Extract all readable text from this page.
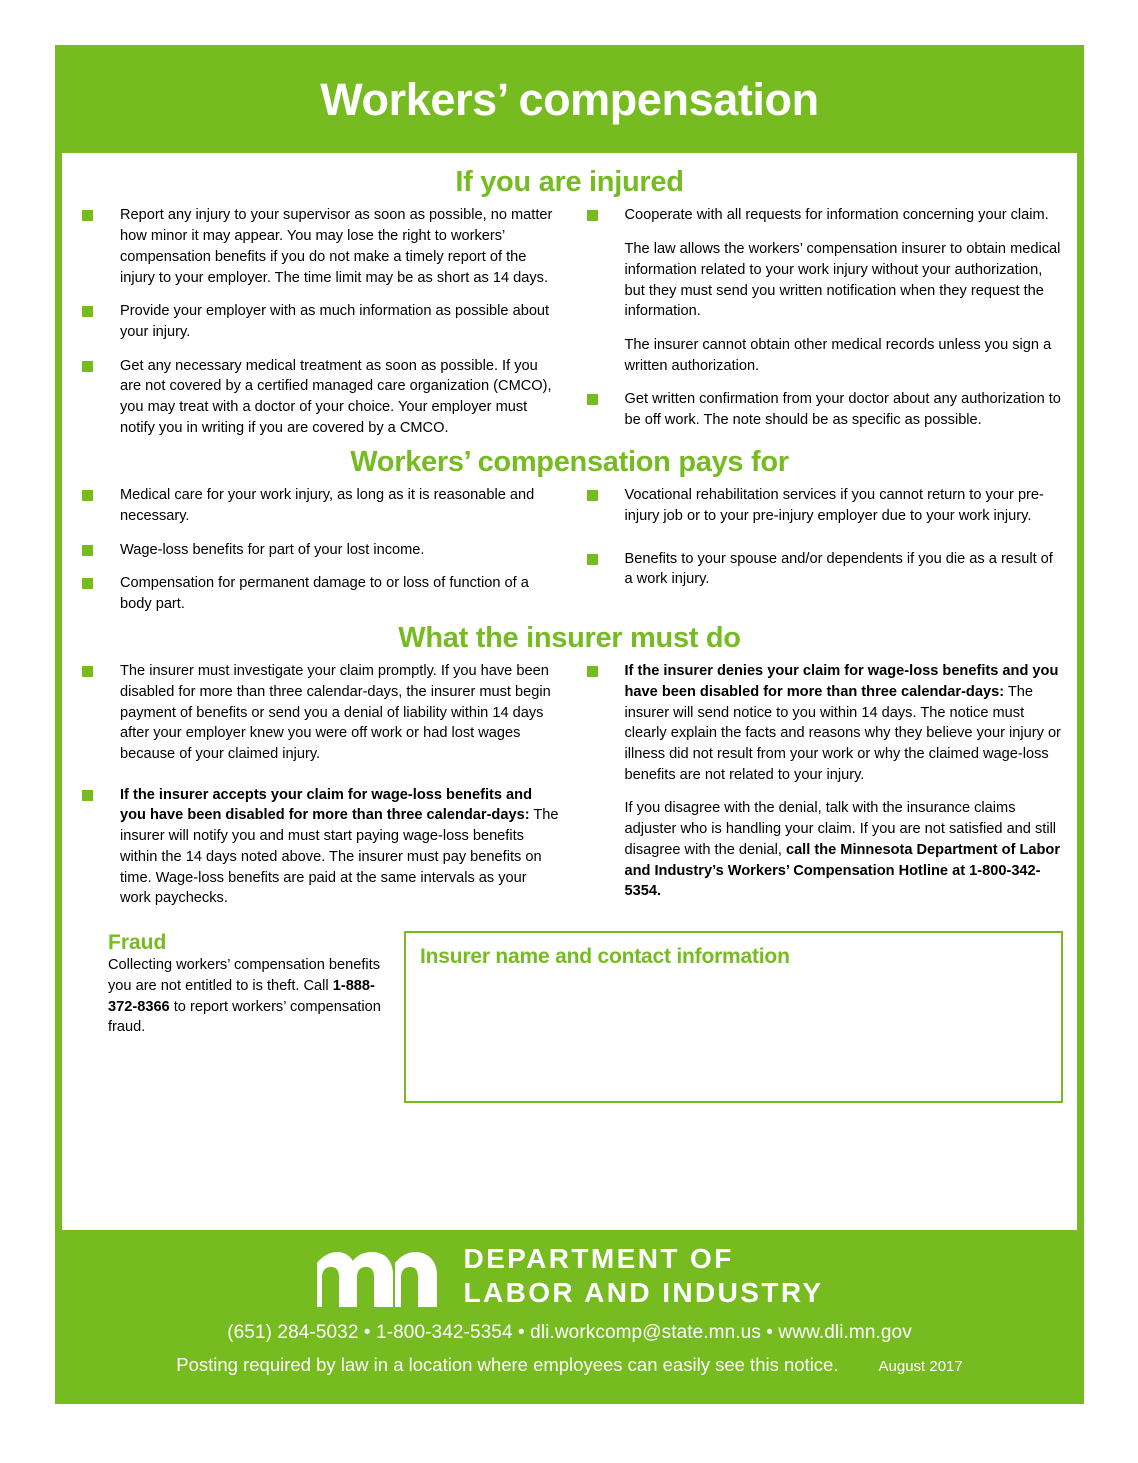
Workers’ compensation
If you are injured
Report any injury to your supervisor as soon as possible, no matter how minor it may appear. You may lose the right to workers’ compensation benefits if you do not make a timely report of the injury to your employer. The time limit may be as short as 14 days.
Provide your employer with as much information as possible about your injury.
Get any necessary medical treatment as soon as possible. If you are not covered by a certified managed care organization (CMCO), you may treat with a doctor of your choice. Your employer must notify you in writing if you are covered by a CMCO.
Cooperate with all requests for information concerning your claim.
The law allows the workers’ compensation insurer to obtain medical information related to your work injury without your authorization, but they must send you written notification when they request the information.
The insurer cannot obtain other medical records unless you sign a written authorization.
Get written confirmation from your doctor about any authorization to be off work. The note should be as specific as possible.
Workers’ compensation pays for
Medical care for your work injury, as long as it is reasonable and necessary.
Wage-loss benefits for part of your lost income.
Compensation for permanent damage to or loss of function of a body part.
Vocational rehabilitation services if you cannot return to your pre-injury job or to your pre-injury employer due to your work injury.
Benefits to your spouse and/or dependents if you die as a result of a work injury.
What the insurer must do
The insurer must investigate your claim promptly. If you have been disabled for more than three calendar-days, the insurer must begin payment of benefits or send you a denial of liability within 14 days after your employer knew you were off work or had lost wages because of your claimed injury.
If the insurer accepts your claim for wage-loss benefits and you have been disabled for more than three calendar-days: The insurer will notify you and must start paying wage-loss benefits within the 14 days noted above. The insurer must pay benefits on time. Wage-loss benefits are paid at the same intervals as your work paychecks.
If the insurer denies your claim for wage-loss benefits and you have been disabled for more than three calendar-days: The insurer will send notice to you within 14 days. The notice must clearly explain the facts and reasons why they believe your injury or illness did not result from your work or why the claimed wage-loss benefits are not related to your injury.
If you disagree with the denial, talk with the insurance claims adjuster who is handling your claim. If you are not satisfied and still disagree with the denial, call the Minnesota Department of Labor and Industry’s Workers’ Compensation Hotline at 1-800-342-5354.
Fraud
Collecting workers’ compensation benefits you are not entitled to is theft. Call 1-888-372-8366 to report workers’ compensation fraud.
Insurer name and contact information
DEPARTMENT OF
LABOR AND INDUSTRY
(651) 284-5032 • 1-800-342-5354 • dli.workcomp@state.mn.us • www.dli.mn.gov
Posting required by law in a location where employees can easily see this notice.	August 2017
